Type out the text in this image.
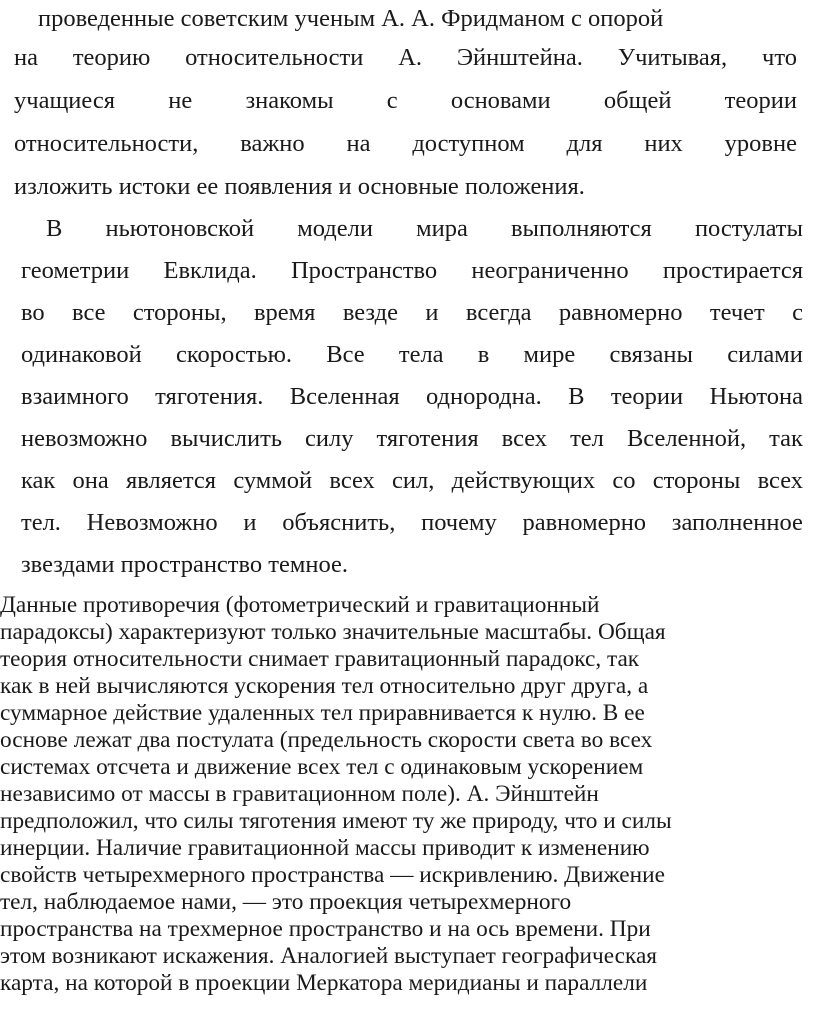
проведенные советским ученым А. А. Фридманом с опорой
на теорию относительности А. Эйнштейна. Учитывая, что
учащиеся не знакомы с основами общей теории
относительности, важно на доступном для них уровне
изложить истоки ее появления и основные положения.
В ньютоновской модели мира выполняются постулаты
геометрии Евклида. Пространство неограниченно простирается
во все стороны, время везде и всегда равномерно течет с
одинаковой скоростью. Все тела в мире связаны силами
взаимного тяготения. Вселенная однородна. В теории Ньютона
невозможно вычислить силу тяготения всех тел Вселенной, так
как она является суммой всех сил, действующих со стороны всех
тел. Невозможно и объяснить, почему равномерно заполненное
звездами пространство темное.
Данные противоречия (фотометрический и гравитационный
парадоксы) характеризуют только значительные масштабы. Общая
теория относительности снимает гравитационный парадокс, так
как в ней вычисляются ускорения тел относительно друг друга, а
суммарное действие удаленных тел приравнивается к нулю. В ее
основе лежат два постулата (предельность скорости света во всех
системах отсчета и движение всех тел с одинаковым ускорением
независимо от массы в гравитационном поле). А. Эйнштейн
предположил, что силы тяготения имеют ту же природу, что и силы
инерции. Наличие гравитационной массы приводит к изменению
свойств четырехмерного пространства — искривлению. Движение
тел, наблюдаемое нами, — это проекция четырехмерного
пространства на трехмерное пространство и на ось времени. При
этом возникают искажения. Аналогией выступает географическая
карта, на которой в проекции Меркатора меридианы и параллели
